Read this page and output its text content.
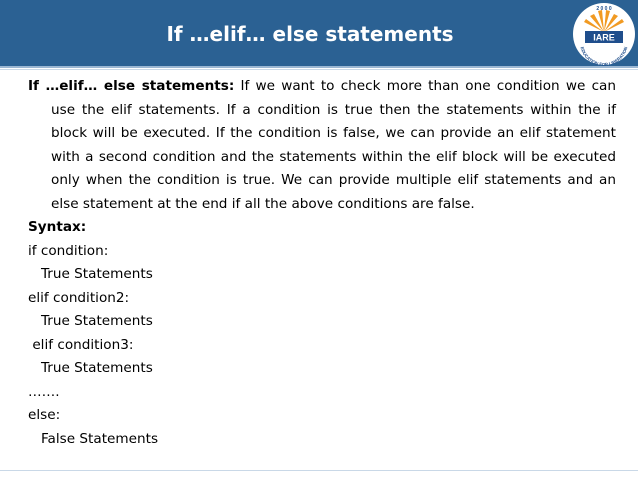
If …elif… else statements	IARE
2 0 0 0
EDUCATION FOR LIBERATION

If …elif… else statements: If we want to check more than one condition we can use the elif statements. If a condition is true then the statements within the if block will be executed. If the condition is false, we can provide an elif statement with a second condition and the statements within the elif block will be executed only when the condition is true. We can provide multiple elif statements and an else statement at the end if all the above conditions are false.

Syntax:

if condition:

True Statements

elif condition2:

True Statements

elif condition3:

True Statements

…….

else:

False Statements
